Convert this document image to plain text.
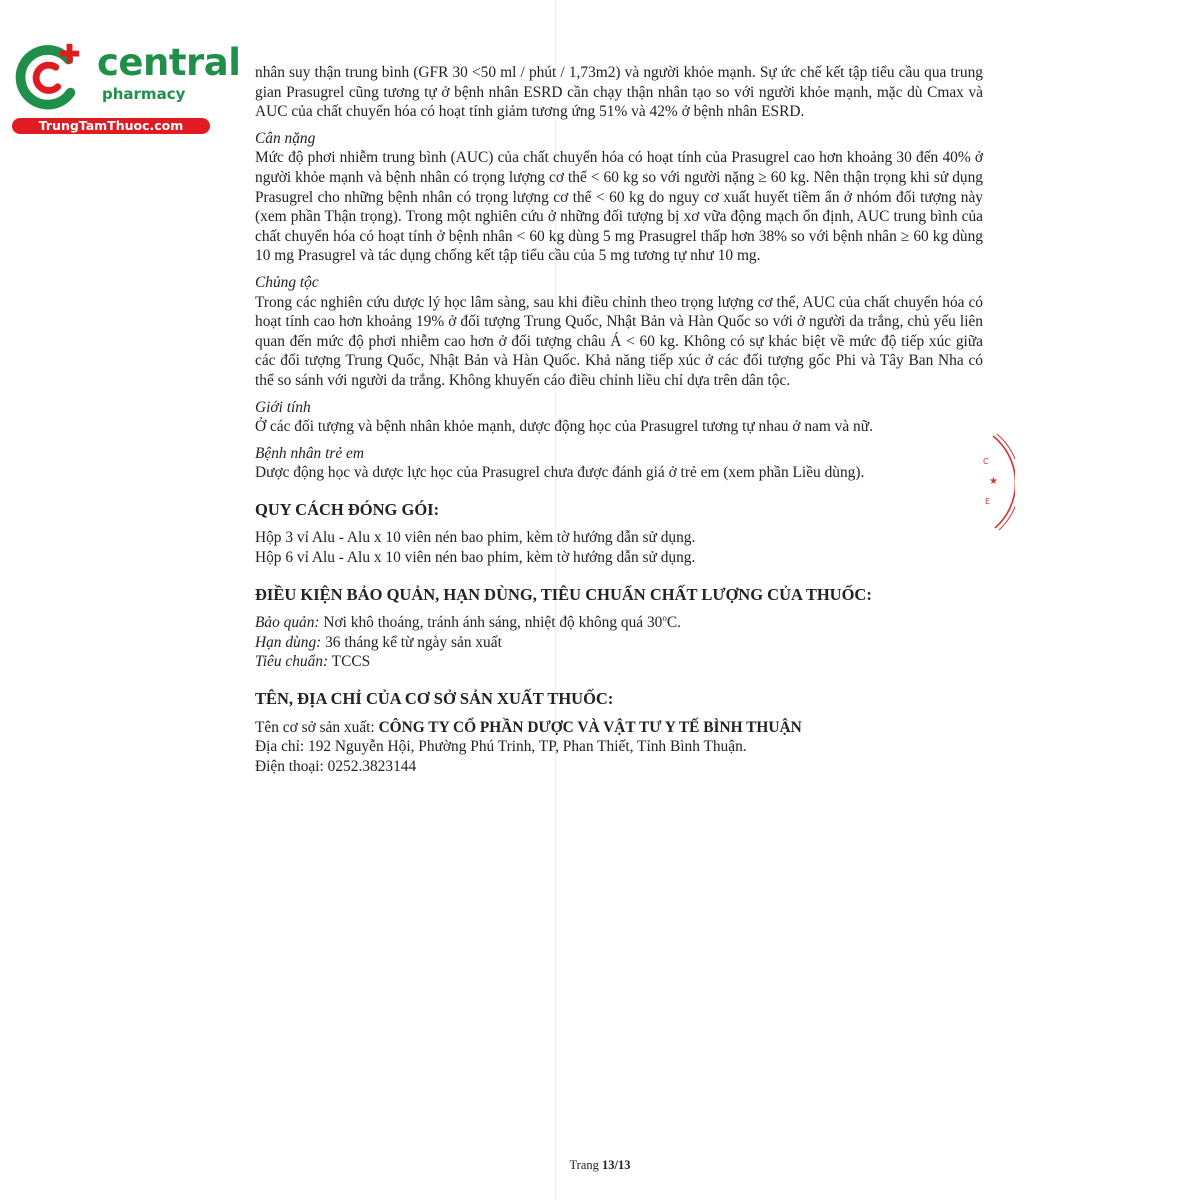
central
pharmacy
TrungTamThuoc.com
C
★
E

nhân suy thận trung bình (GFR 30 <50 ml / phút / 1,73m2) và người khỏe mạnh. Sự ức chế kết tập tiểu cầu qua trung gian Prasugrel cũng tương tự ở bệnh nhân ESRD cần chạy thận nhân tạo so với người khỏe mạnh, mặc dù Cmax và AUC của chất chuyển hóa có hoạt tính giảm tương ứng 51% và 42% ở bệnh nhân ESRD.

Cân nặng

Mức độ phơi nhiễm trung bình (AUC) của chất chuyển hóa có hoạt tính của Prasugrel cao hơn khoảng 30 đến 40% ở người khỏe mạnh và bệnh nhân có trọng lượng cơ thể < 60 kg so với người nặng ≥ 60 kg. Nên thận trọng khi sử dụng Prasugrel cho những bệnh nhân có trọng lượng cơ thể < 60 kg do nguy cơ xuất huyết tiềm ẩn ở nhóm đối tượng này (xem phần Thận trọng). Trong một nghiên cứu ở những đối tượng bị xơ vữa động mạch ổn định, AUC trung bình của chất chuyển hóa có hoạt tính ở bệnh nhân < 60 kg dùng 5 mg Prasugrel thấp hơn 38% so với bệnh nhân ≥ 60 kg dùng 10 mg Prasugrel và tác dụng chống kết tập tiểu cầu của 5 mg tương tự như 10 mg.

Chủng tộc

Trong các nghiên cứu dược lý học lâm sàng, sau khi điều chỉnh theo trọng lượng cơ thể, AUC của chất chuyển hóa có hoạt tính cao hơn khoảng 19% ở đối tượng Trung Quốc, Nhật Bản và Hàn Quốc so với ở người da trắng, chủ yếu liên quan đến mức độ phơi nhiễm cao hơn ở đối tượng châu Á < 60 kg. Không có sự khác biệt về mức độ tiếp xúc giữa các đối tượng Trung Quốc, Nhật Bản và Hàn Quốc. Khả năng tiếp xúc ở các đối tượng gốc Phi và Tây Ban Nha có thể so sánh với người da trắng. Không khuyến cáo điều chỉnh liều chỉ dựa trên dân tộc.

Giới tính

Ở các đối tượng và bệnh nhân khỏe mạnh, dược động học của Prasugrel tương tự nhau ở nam và nữ.

Bệnh nhân trẻ em

Dược động học và dược lực học của Prasugrel chưa được đánh giá ở trẻ em (xem phần Liều dùng).

QUY CÁCH ĐÓNG GÓI:

Hộp 3 vỉ Alu - Alu x 10 viên nén bao phim, kèm tờ hướng dẫn sử dụng.

Hộp 6 vỉ Alu - Alu x 10 viên nén bao phim, kèm tờ hướng dẫn sử dụng.

ĐIỀU KIỆN BẢO QUẢN, HẠN DÙNG, TIÊU CHUẨN CHẤT LƯỢNG CỦA THUỐC:

Bảo quản: Nơi khô thoáng, tránh ánh sáng, nhiệt độ không quá 30$^o$C.

Hạn dùng: 36 tháng kể từ ngày sản xuất

Tiêu chuẩn: TCCS

TÊN, ĐỊA CHỈ CỦA CƠ SỞ SẢN XUẤT THUỐC:

Tên cơ sở sản xuất: CÔNG TY CỔ PHẦN DƯỢC VÀ VẬT TƯ Y TẾ BÌNH THUẬN

Địa chỉ: 192 Nguyễn Hội, Phường Phú Trinh, TP, Phan Thiết, Tỉnh Bình Thuận.

Điện thoại: 0252.3823144

Trang 13/13
